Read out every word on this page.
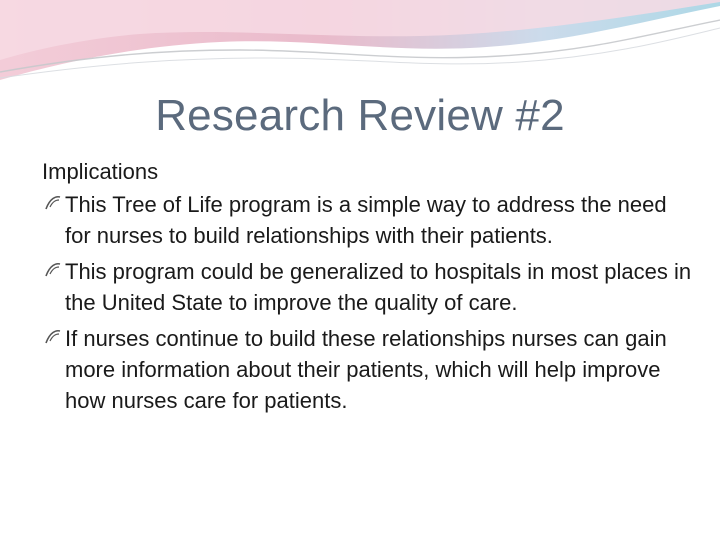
Research Review #2
Implications
This Tree of Life program is a simple way to address the need for nurses to build relationships with their patients.
This program could be generalized to hospitals in most places in the United State to improve the quality of care.
If nurses continue to build these relationships nurses can gain more information about their patients, which will help improve how nurses care for patients.
